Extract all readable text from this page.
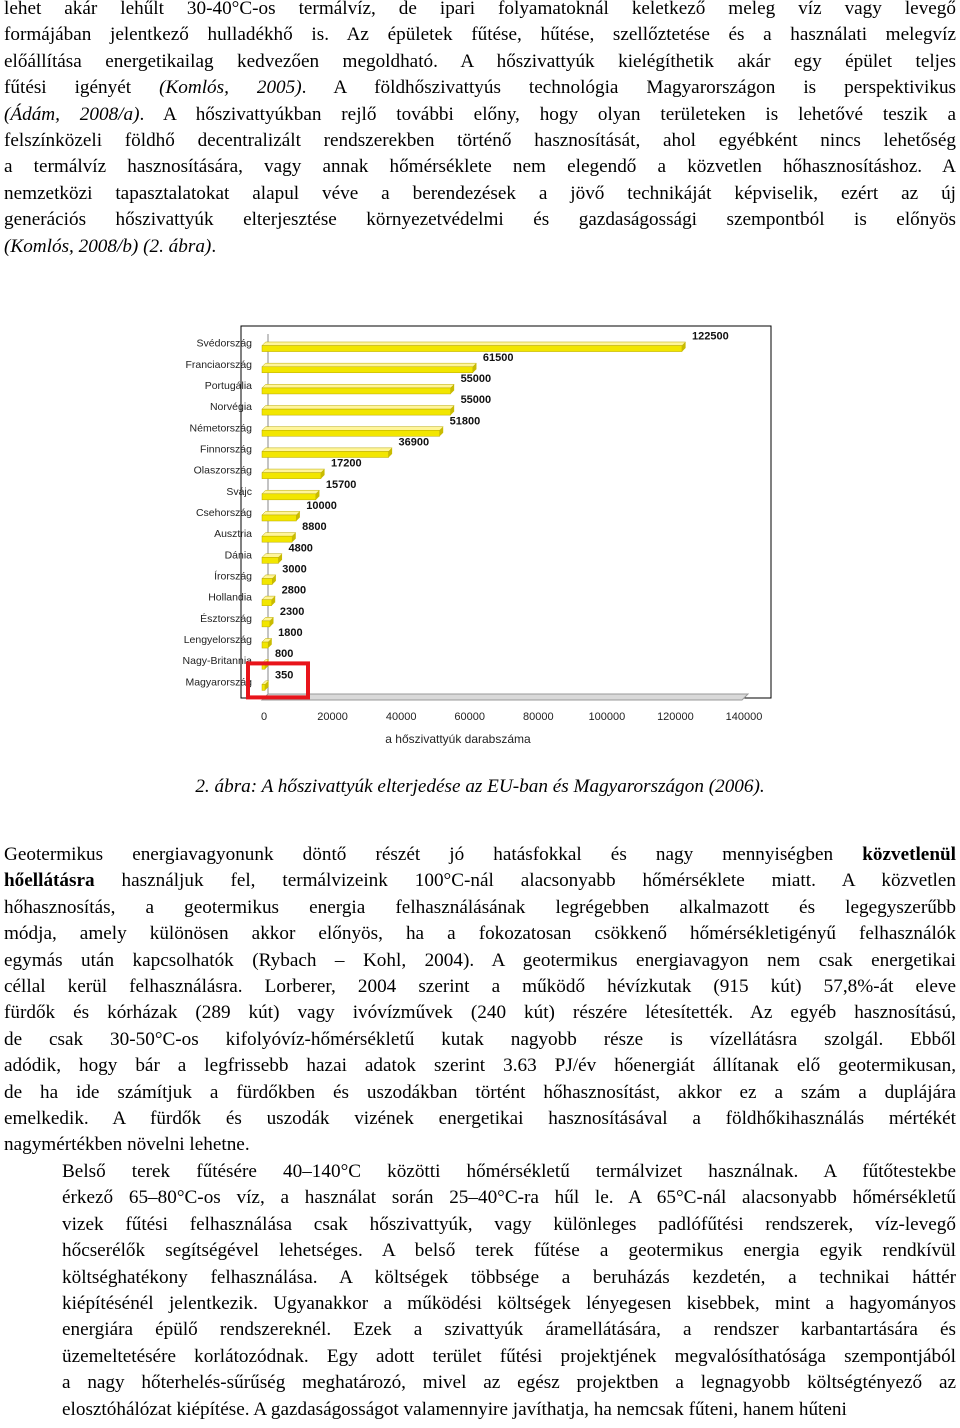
lehet akár lehűlt 30-40°C-os termálvíz, de ipari folyamatoknál keletkező meleg víz vagy levegő
formájában jelentkező hulladékhő is. Az épületek fűtése, hűtése, szellőztetése és a használati melegvíz
előállítása energetikailag kedvezően megoldható. A hőszivattyúk kielégíthetik akár egy épület teljes
fűtési igényét (Komlós, 2005). A földhőszivattyús technológia Magyarországon is perspektivikus
(Ádám, 2008/a). A hőszivattyúkban rejlő további előny, hogy olyan területeken is lehetővé teszik a
felszínközeli földhő decentralizált rendszerekben történő hasznosítását, ahol egyébként nincs lehetőség
a termálvíz hasznosítására, vagy annak hőmérséklete nem elegendő a közvetlen hőhasznosításhoz. A
nemzetközi tapasztalatokat alapul véve a berendezések a jövő technikáját képviselik, ezért az új
generációs hőszivattyúk elterjesztése környezetvédelmi és gazdaságossági szempontból is előnyös
(Komlós, 2008/b) (2. ábra).
0	20000	40000	60000	80000	100000	120000	140000
a hőszivattyúk darabszáma
Svédország
122500
Franciaország
61500
Portugália
55000
Norvégia
55000
Németország
51800
Finnország
36900
Olaszország
17200
Svájc
15700
Csehország
10000
Ausztria
8800
Dánia
4800
Írország
3000
Hollandia
2800
Észtország
2300
Lengyelország
1800
Nagy-Britannia
800
Magyarország
350

2. ábra: A hőszivattyúk elterjedése az EU-ban és Magyarországon (2006).

Geotermikus energiavagyonunk döntő részét jó hatásfokkal és nagy mennyiségben közvetlenül
hőellátásra használjuk fel, termálvizeink 100°C-nál alacsonyabb hőmérséklete miatt. A közvetlen
hőhasznosítás, a geotermikus energia felhasználásának legrégebben alkalmazott és legegyszerűbb
módja, amely különösen akkor előnyös, ha a fokozatosan csökkenő hőmérsékletigényű felhasználók
egymás után kapcsolhatók (Rybach – Kohl, 2004). A geotermikus energiavagyon nem csak energetikai
céllal kerül felhasználásra. Lorberer, 2004 szerint a működő hévízkutak (915 kút) 57,8%-át eleve
fürdők és kórházak (289 kút) vagy ivóvízművek (240 kút) részére létesítették. Az egyéb hasznosítású,
de csak 30-50°C-os kifolyóvíz-hőmérsékletű kutak nagyobb része is vízellátásra szolgál. Ebből
adódik, hogy bár a legfrissebb hazai adatok szerint 3.63 PJ/év hőenergiát állítanak elő geotermikusan,
de ha ide számítjuk a fürdőkben és uszodákban történt hőhasznosítást, akkor ez a szám a duplájára
emelkedik. A fürdők és uszodák vizének energetikai hasznosításával a földhőkihasználás mértékét
nagymértékben növelni lehetne.
Belső terek fűtésére 40–140°C közötti hőmérsékletű termálvizet használnak. A fűtőtestekbe
érkező 65–80°C-os víz, a használat során 25–40°C-ra hűl le. A 65°C-nál alacsonyabb hőmérsékletű
vizek fűtési felhasználása csak hőszivattyúk, vagy különleges padlófűtési rendszerek, víz-levegő
hőcserélők segítségével lehetséges. A belső terek fűtése a geotermikus energia egyik rendkívül
költséghatékony felhasználása. A költségek többsége a beruházás kezdetén, a technikai háttér
kiépítésénél jelentkezik. Ugyanakkor a működési költségek lényegesen kisebbek, mint a hagyományos
energiára épülő rendszereknél. Ezek a szivattyúk áramellátására, a rendszer karbantartására és
üzemeltetésére korlátozódnak. Egy adott terület fűtési projektjének megvalósíthatósága szempontjából
a nagy hőterhelés-sűrűség meghatározó, mivel az egész projektben a legnagyobb költségtényező az
elosztóhálózat kiépítése. A gazdaságosságot valamennyire javíthatja, ha nemcsak fűteni, hanem hűteni
